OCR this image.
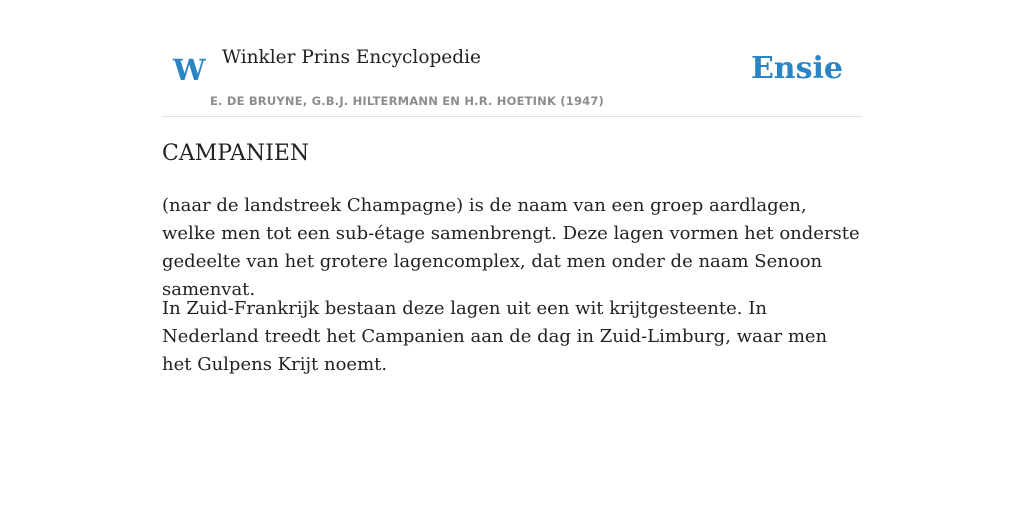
W Winkler Prins Encyclopedie
E. DE BRUYNE, G.B.J. HILTERMANN EN H.R. HOETINK (1947)
Ensie
CAMPANIEN

(naar de landstreek Champagne) is de naam van een groep aardlagen, welke men tot een sub-étage samenbrengt. Deze lagen vormen het onderste gedeelte van het grotere lagencomplex, dat men onder de naam Senoon samenvat.

In Zuid-Frankrijk bestaan deze lagen uit een wit krijtgesteente. In Nederland treedt het Campanien aan de dag in Zuid-Limburg, waar men het Gulpens Krijt noemt.
